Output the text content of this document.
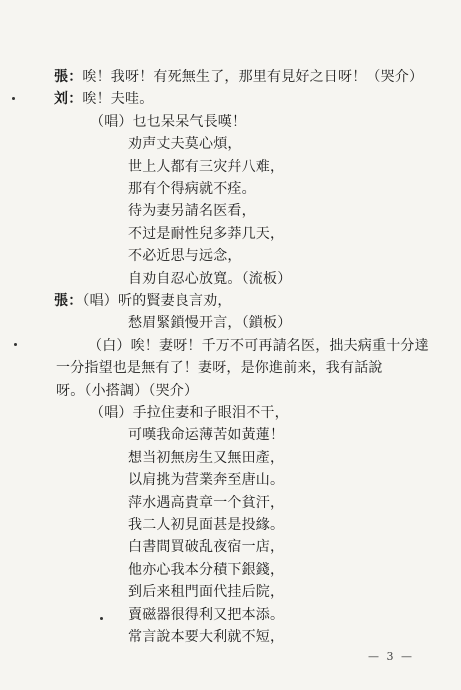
張：唉！我呀！有死無生了，那里有見好之日呀！（哭介）
刘：唉！夫哇。
（唱）乜乜呆呆气長嘆！
劝声丈夫莫心煩，
世上人都有三灾幷八难，
那有个得病就不痊。
待为妻另請名医看，
不过是耐性兒多莽几天，
不必近思与远念，
自劝自忍心放寬。（流板）
張：（唱）听的賢妻良言劝，
愁眉緊鎖慢开言，（鎖板）
（白）唉！妻呀！千万不可再請名医，拙夫病重十分達
一分指望也是無有了！妻呀，是你進前来，我有話說
呀。（小搭調）（哭介）
（唱）手拉住妻和子眼泪不干，
可嘆我命运薄苦如黃蓮！
想当初無房生又無田產，
以肩挑为营業奔至唐山。
萍水遇高貴章一个貧汗，
我二人初見面甚是投緣。
白書間買破乱夜宿一店，
他亦心我本分積下銀錢，
到后来租門面代挂后院，
賣磁器很得利又把本添。
常言說本要大利就不短，
— 3 —
